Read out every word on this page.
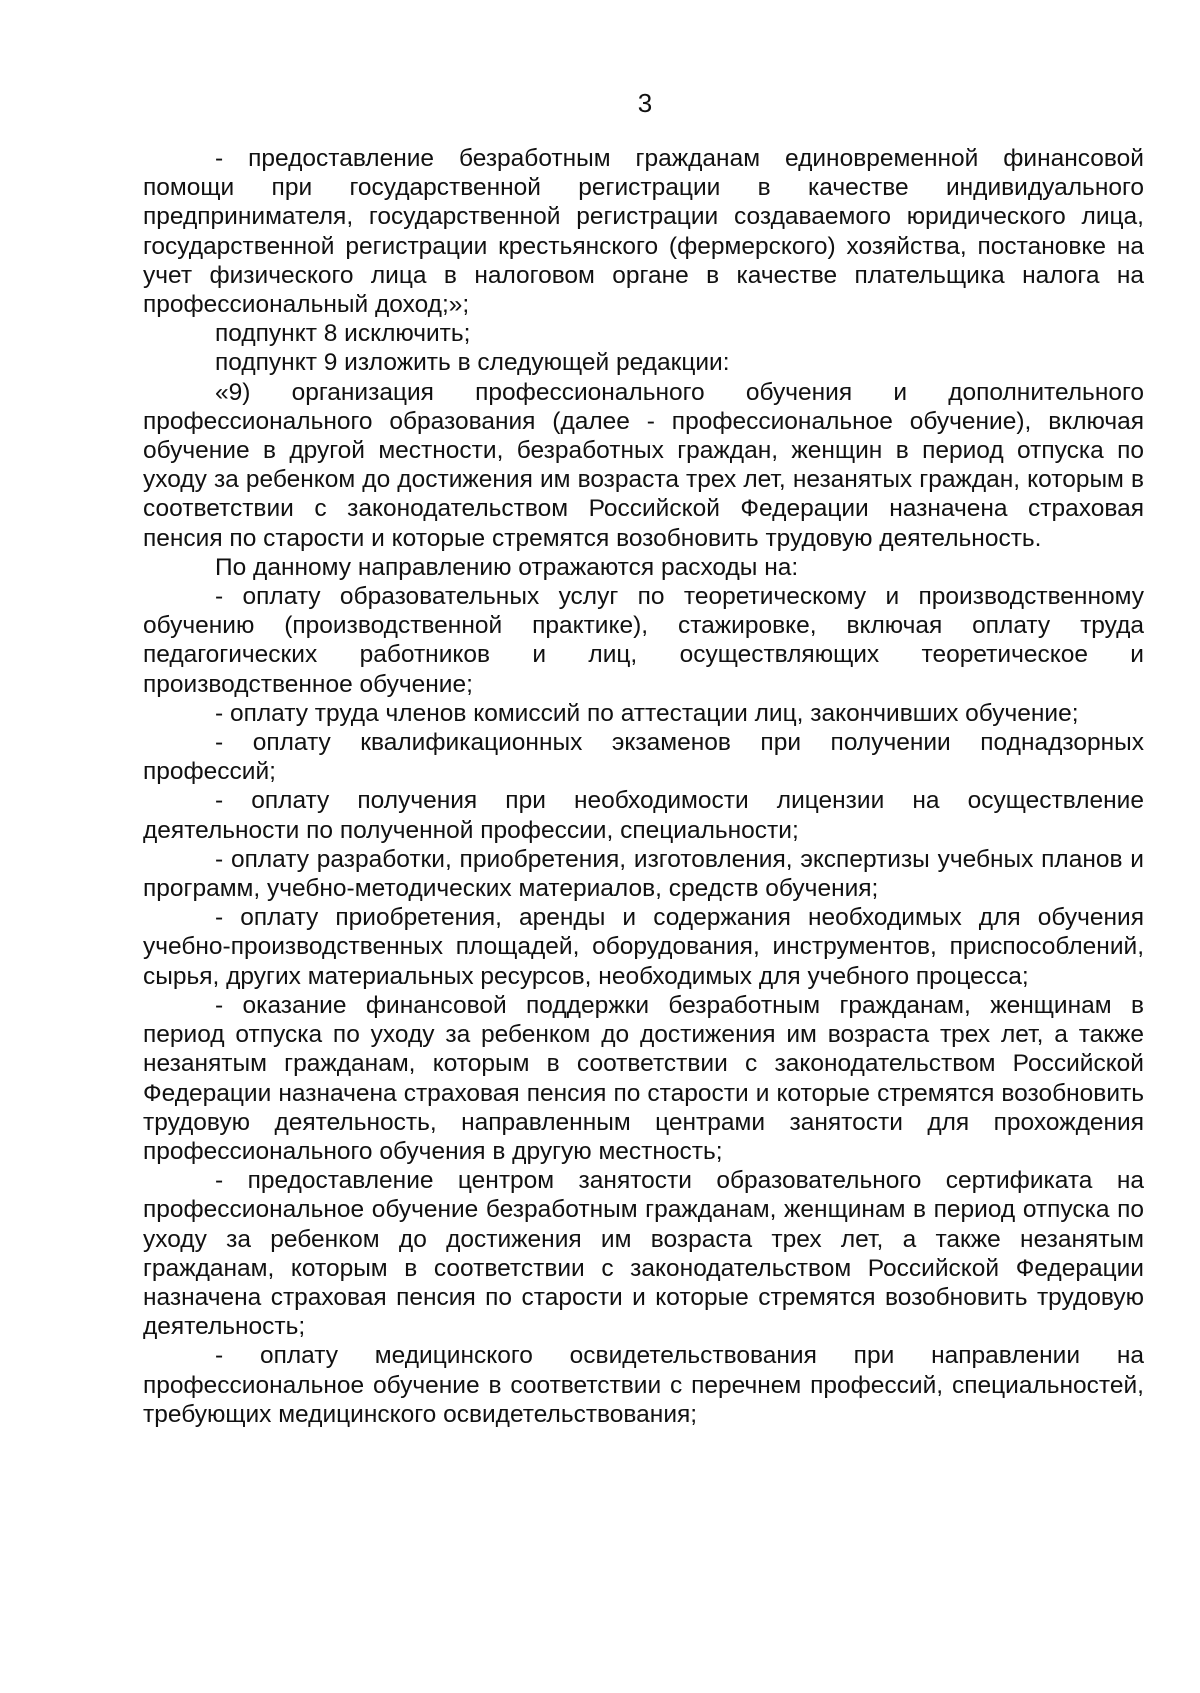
3

- предоставление безработным гражданам единовременной финансовой помощи при государственной регистрации в качестве индивидуального предпринимателя, государственной регистрации создаваемого юридического лица, государственной регистрации крестьянского (фермерского) хозяйства, постановке на учет физического лица в налоговом органе в качестве плательщика налога на профессиональный доход;»;

подпункт 8 исключить;

подпункт 9 изложить в следующей редакции:

«9) организация профессионального обучения и дополнительного профессионального образования (далее - профессиональное обучение), включая обучение в другой местности, безработных граждан, женщин в период отпуска по уходу за ребенком до достижения им возраста трех лет, незанятых граждан, которым в соответствии с законодательством Российской Федерации назначена страховая пенсия по старости и которые стремятся возобновить трудовую деятельность.

По данному направлению отражаются расходы на:

- оплату образовательных услуг по теоретическому и производственному обучению (производственной практике), стажировке, включая оплату труда педагогических работников и лиц, осуществляющих теоретическое и производственное обучение;

- оплату труда членов комиссий по аттестации лиц, закончивших обучение;

- оплату квалификационных экзаменов при получении поднадзорных профессий;

- оплату получения при необходимости лицензии на осуществление деятельности по полученной профессии, специальности;

- оплату разработки, приобретения, изготовления, экспертизы учебных планов и программ, учебно-методических материалов, средств обучения;

- оплату приобретения, аренды и содержания необходимых для обучения учебно-производственных площадей, оборудования, инструментов, приспособлений, сырья, других материальных ресурсов, необходимых для учебного процесса;

- оказание финансовой поддержки безработным гражданам, женщинам в период отпуска по уходу за ребенком до достижения им возраста трех лет, а также незанятым гражданам, которым в соответствии с законодательством Российской Федерации назначена страховая пенсия по старости и которые стремятся возобновить трудовую деятельность, направленным центрами занятости для прохождения профессионального обучения в другую местность;

- предоставление центром занятости образовательного сертификата на профессиональное обучение безработным гражданам, женщинам в период отпуска по уходу за ребенком до достижения им возраста трех лет, а также незанятым гражданам, которым в соответствии с законодательством Российской Федерации назначена страховая пенсия по старости и которые стремятся возобновить трудовую деятельность;

- оплату медицинского освидетельствования при направлении на профессиональное обучение в соответствии с перечнем профессий, специальностей, требующих медицинского освидетельствования;
